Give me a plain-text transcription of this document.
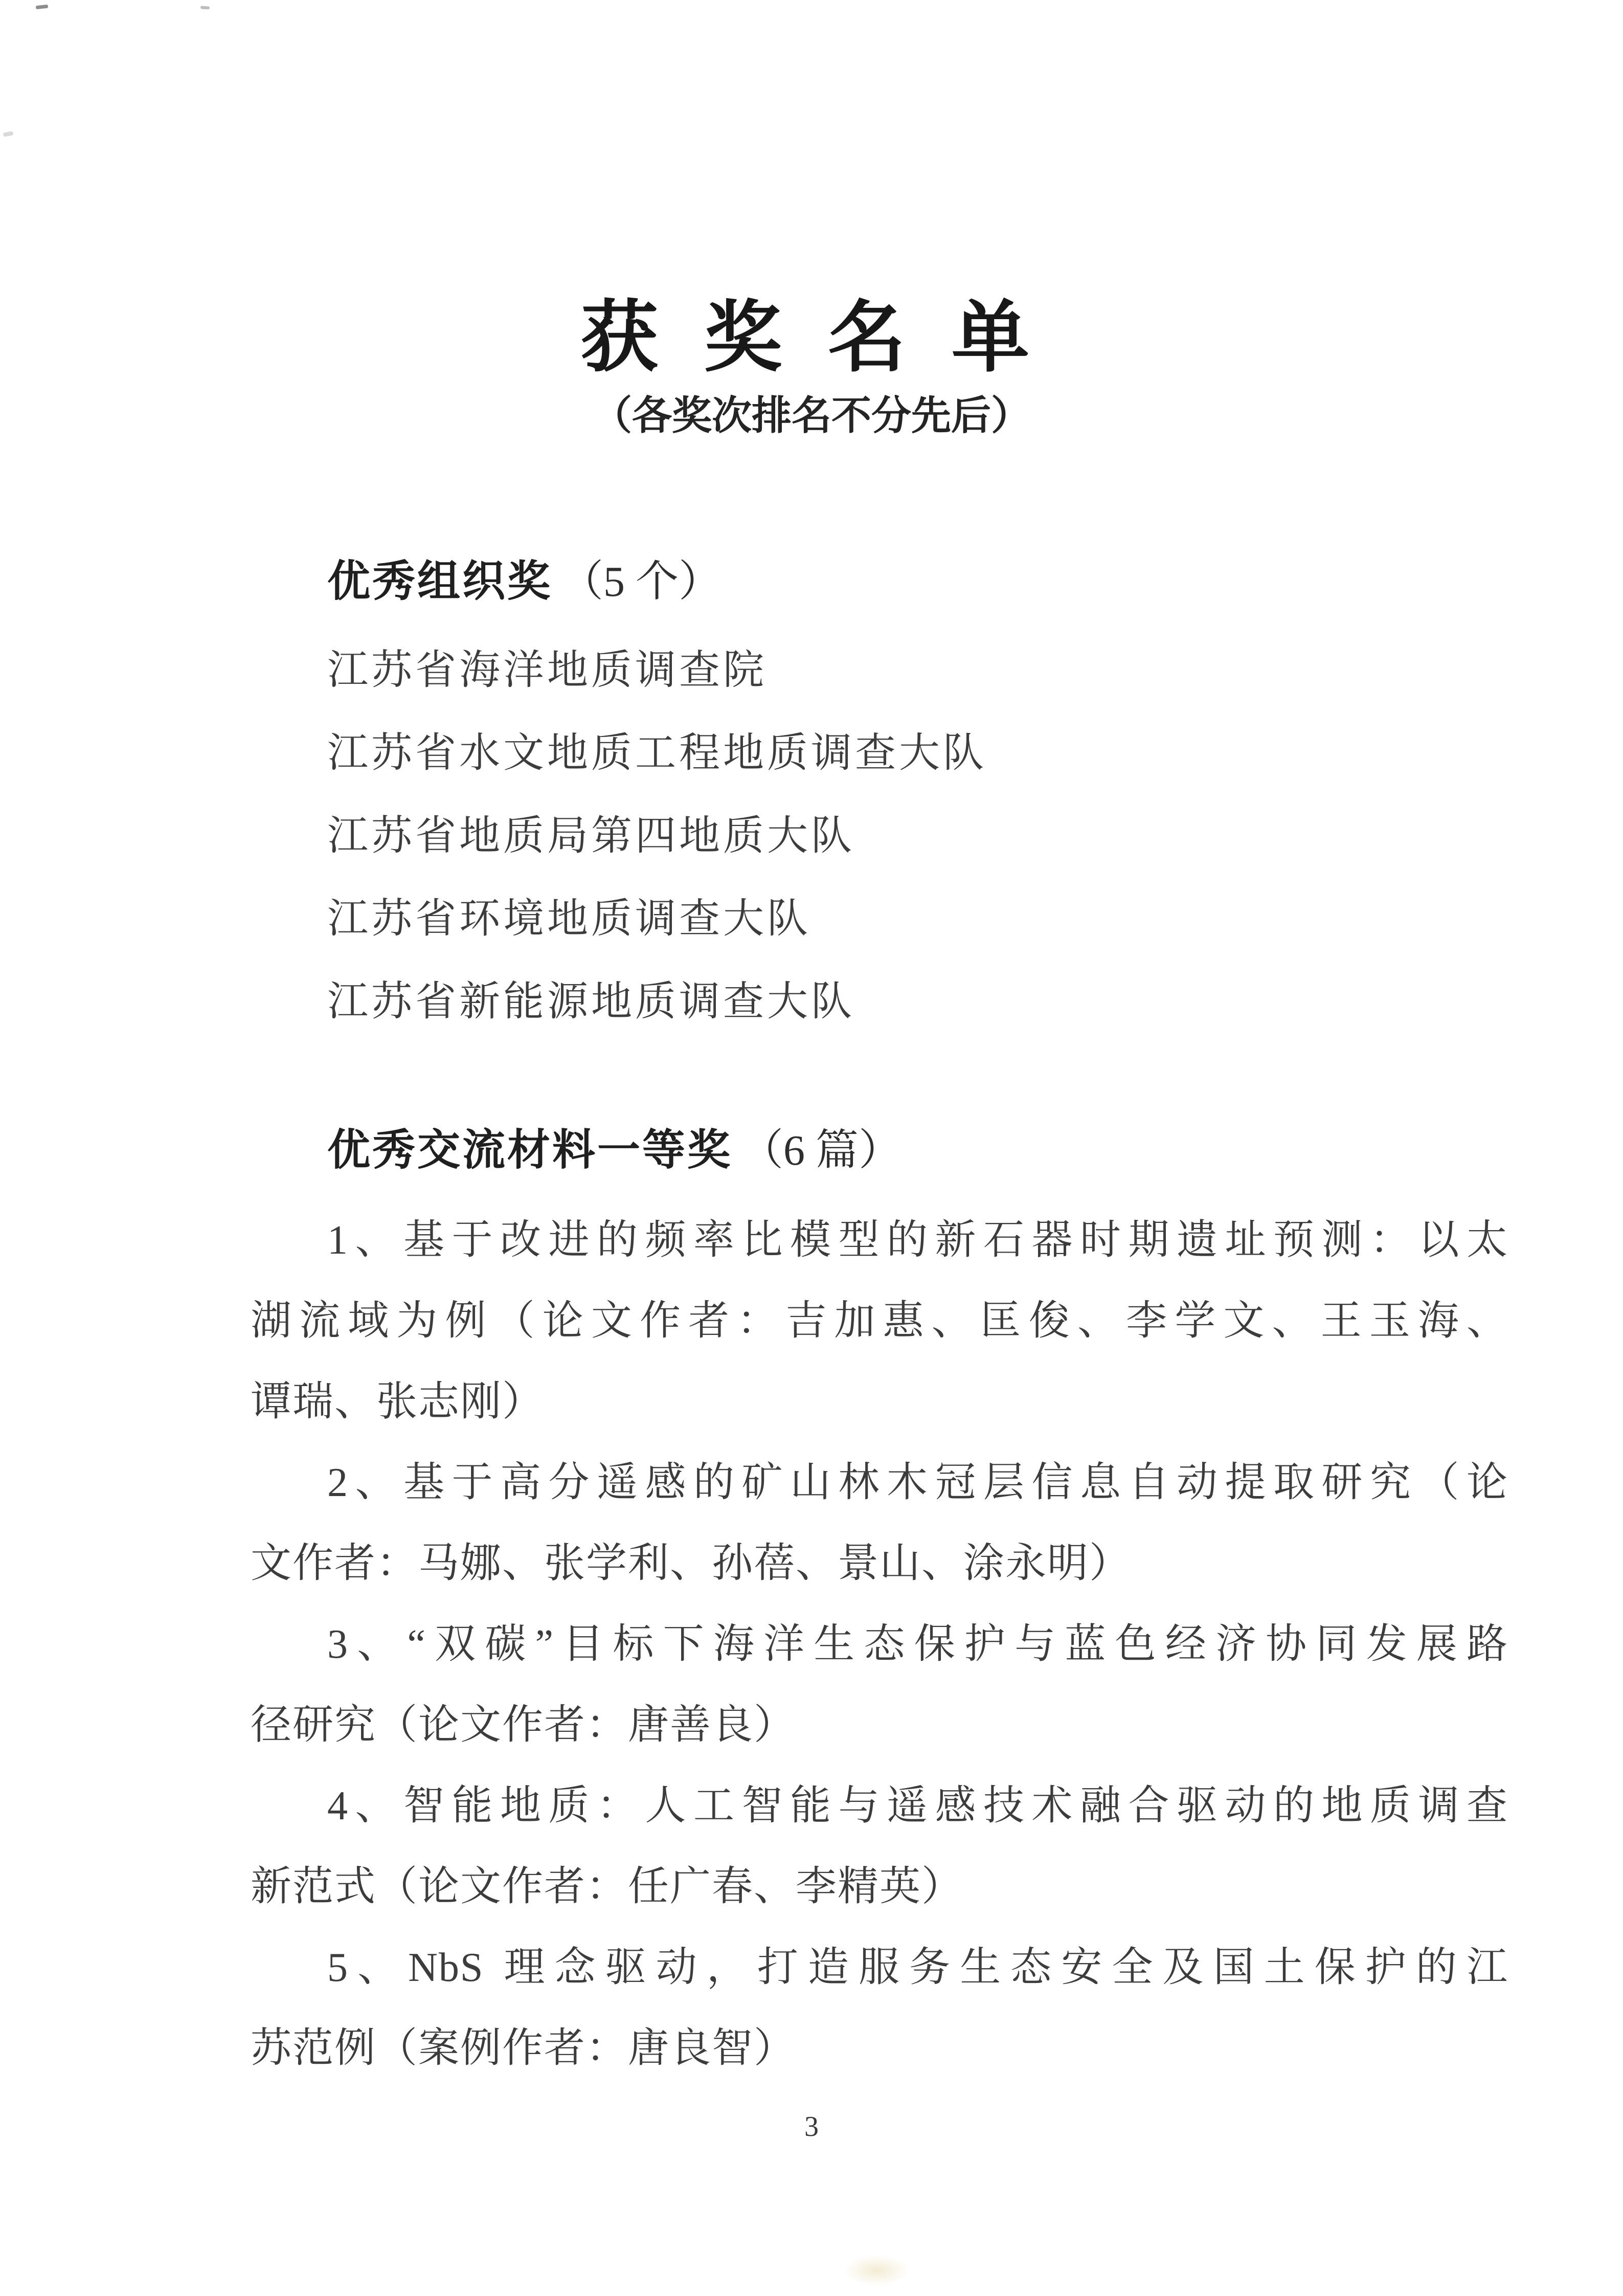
获 奖 名 单
（各奖次排名不分先后）
优秀组织奖 （5 个）
江苏省海洋地质调查院
江苏省水文地质工程地质调查大队
江苏省地质局第四地质大队
江苏省环境地质调查大队
江苏省新能源地质调查大队
优秀交流材料一等奖 （6 篇）
1、基于改进的频率比模型的新石器时期遗址预测：以太
湖流域为例（论文作者：吉加惠、匡俊、李学文、王玉海、
谭瑞、张志刚）
2、基于高分遥感的矿山林木冠层信息自动提取研究（论
文作者：马娜、张学利、孙蓓、景山、涂永明）
3、“双碳”目标下海洋生态保护与蓝色经济协同发展路
径研究（论文作者：唐善良）
4、智能地质：人工智能与遥感技术融合驱动的地质调查
新范式（论文作者：任广春、李精英）
5、NbS 理念驱动，打造服务生态安全及国土保护的江
苏范例（案例作者：唐良智）
3
